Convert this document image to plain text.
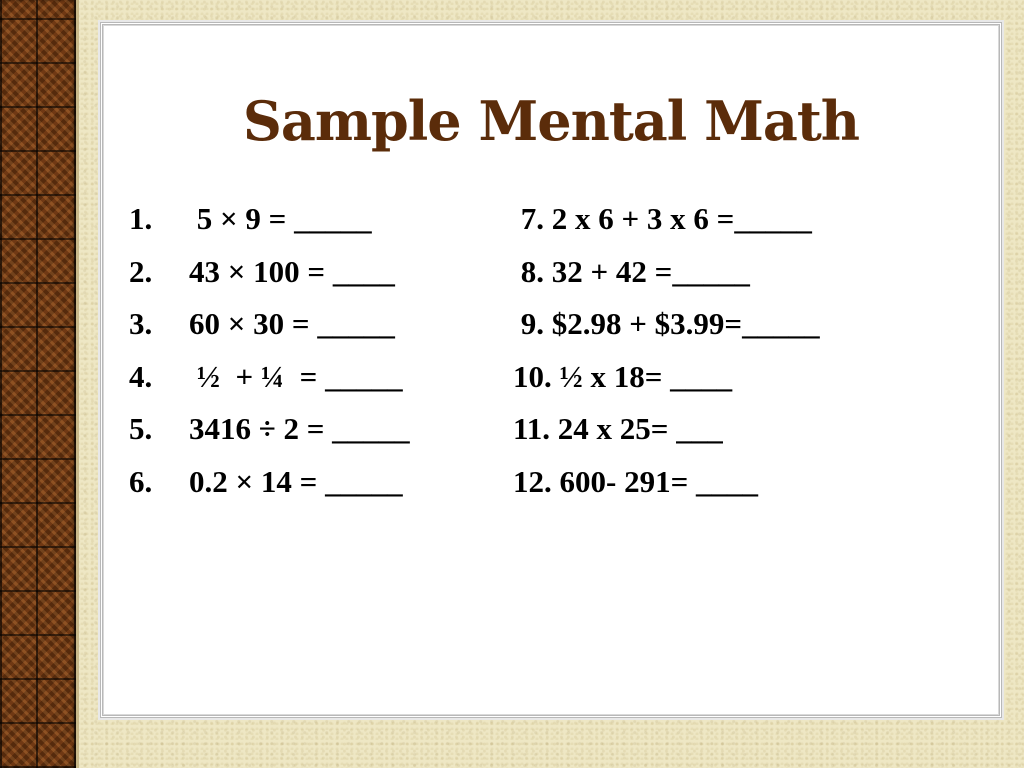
Sample Mental Math
1.	5 × 9 = _____
2.	43 × 100 = ____
3.	60 × 30 = _____
4.	½  + ¼  = _____
5.	3416 ÷ 2 = _____
6.	0.2 × 14 = _____
7. 2 x 6 + 3 x 6 =_____
8. 32 + 42 =_____
9. $2.98 + $3.99=_____
10. ½ x 18= ____
11. 24 x 25= ___
12. 600- 291= ____
